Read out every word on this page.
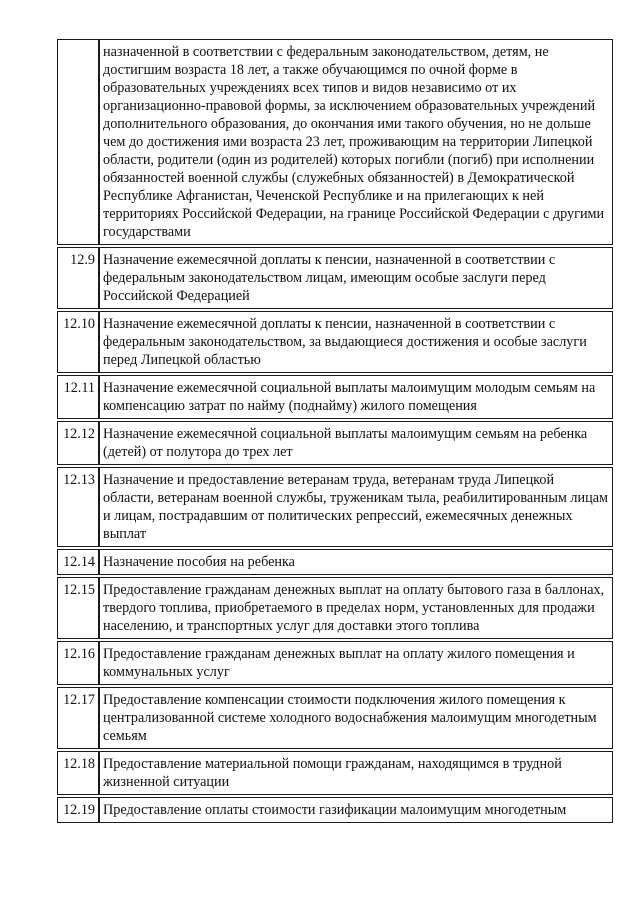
	назначенной в соответствии с федеральным законодательством, детям, не достигшим возраста 18 лет, а также обучающимся по очной форме в образовательных учреждениях всех типов и видов независимо от их организационно-правовой формы, за исключением образовательных учреждений дополнительного образования, до окончания ими такого обучения, но не дольше чем до достижения ими возраста 23 лет, проживающим на территории Липецкой области, родители (один из родителей) которых погибли (погиб) при исполнении обязанностей военной службы (служебных обязанностей) в Демократической Республике Афганистан, Чеченской Республике и на прилегающих к ней территориях Российской Федерации, на границе Российской Федерации с другими государствами
12.9	Назначение ежемесячной доплаты к пенсии, назначенной в соответствии с федеральным законодательством лицам, имеющим особые заслуги перед Российской Федерацией
12.10	Назначение ежемесячной доплаты к пенсии, назначенной в соответствии с федеральным законодательством, за выдающиеся достижения и особые заслуги перед Липецкой областью
12.11	Назначение ежемесячной социальной выплаты малоимущим молодым семьям на компенсацию затрат по найму (поднайму) жилого помещения
12.12	Назначение ежемесячной социальной выплаты малоимущим семьям на ребенка (детей) от полутора до трех лет
12.13	Назначение и предоставление ветеранам труда, ветеранам труда Липецкой области, ветеранам военной службы, труженикам тыла, реабилитированным лицам и лицам, пострадавшим от политических репрессий, ежемесячных денежных выплат
12.14	Назначение пособия на ребенка
12.15	Предоставление гражданам денежных выплат на оплату бытового газа в баллонах, твердого топлива, приобретаемого в пределах норм, установленных для продажи населению, и транспортных услуг для доставки этого топлива
12.16	Предоставление гражданам денежных выплат на оплату жилого помещения и коммунальных услуг
12.17	Предоставление компенсации стоимости подключения жилого помещения к централизованной системе холодного водоснабжения малоимущим многодетным семьям
12.18	Предоставление материальной помощи гражданам, находящимся в трудной жизненной ситуации
12.19	Предоставление оплаты стоимости газификации малоимущим многодетным
